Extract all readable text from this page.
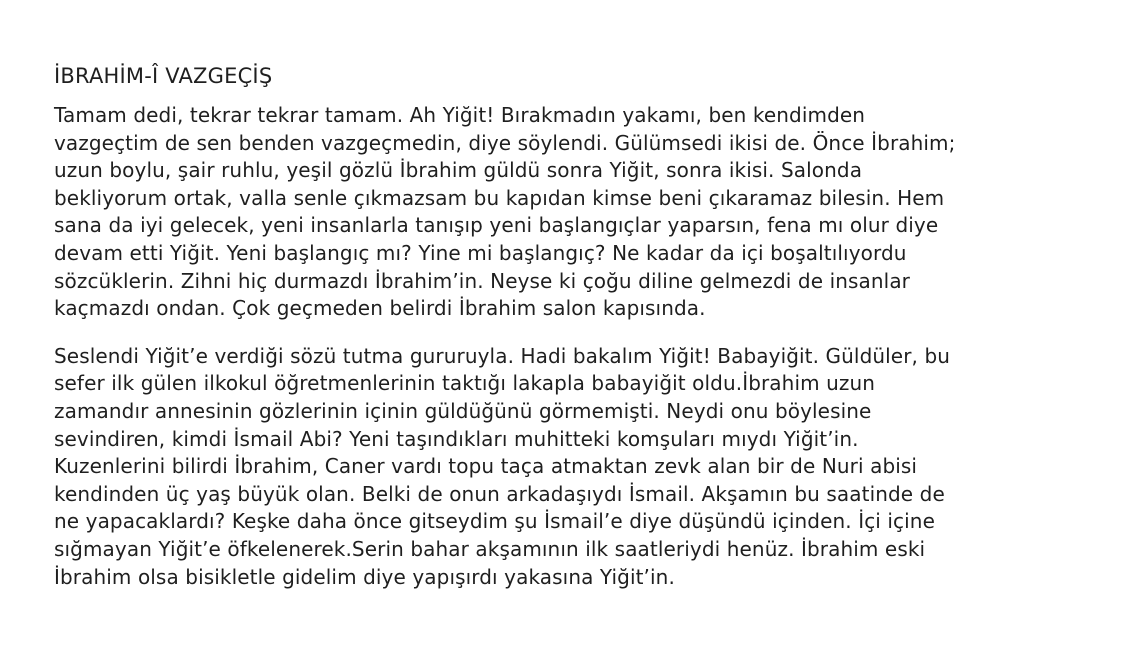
İBRAHİM-Î VAZGEÇİŞ
Tamam dedi, tekrar tekrar tamam. Ah Yiğit! Bırakmadın yakamı, ben kendimden
vazgeçtim de sen benden vazgeçmedin, diye söylendi. Gülümsedi ikisi de. Önce İbrahim;
uzun boylu, şair ruhlu, yeşil gözlü İbrahim güldü sonra Yiğit, sonra ikisi. Salonda
bekliyorum ortak, valla senle çıkmazsam bu kapıdan kimse beni çıkaramaz bilesin. Hem
sana da iyi gelecek, yeni insanlarla tanışıp yeni başlangıçlar yaparsın, fena mı olur diye
devam etti Yiğit. Yeni başlangıç mı? Yine mi başlangıç? Ne kadar da içi boşaltılıyordu
sözcüklerin. Zihni hiç durmazdı İbrahim’in. Neyse ki çoğu diline gelmezdi de insanlar
kaçmazdı ondan. Çok geçmeden belirdi İbrahim salon kapısında.
Seslendi Yiğit’e verdiği sözü tutma gururuyla. Hadi bakalım Yiğit! Babayiğit. Güldüler, bu
sefer ilk gülen ilkokul öğretmenlerinin taktığı lakapla babayiğit oldu.İbrahim uzun
zamandır annesinin gözlerinin içinin güldüğünü görmemişti. Neydi onu böylesine
sevindiren, kimdi İsmail Abi? Yeni taşındıkları muhitteki komşuları mıydı Yiğit’in.
Kuzenlerini bilirdi İbrahim, Caner vardı topu taça atmaktan zevk alan bir de Nuri abisi
kendinden üç yaş büyük olan. Belki de onun arkadaşıydı İsmail. Akşamın bu saatinde de
ne yapacaklardı? Keşke daha önce gitseydim şu İsmail’e diye düşündü içinden. İçi içine
sığmayan Yiğit’e öfkelenerek.Serin bahar akşamının ilk saatleriydi henüz. İbrahim eski
İbrahim olsa bisikletle gidelim diye yapışırdı yakasına Yiğit’in.
